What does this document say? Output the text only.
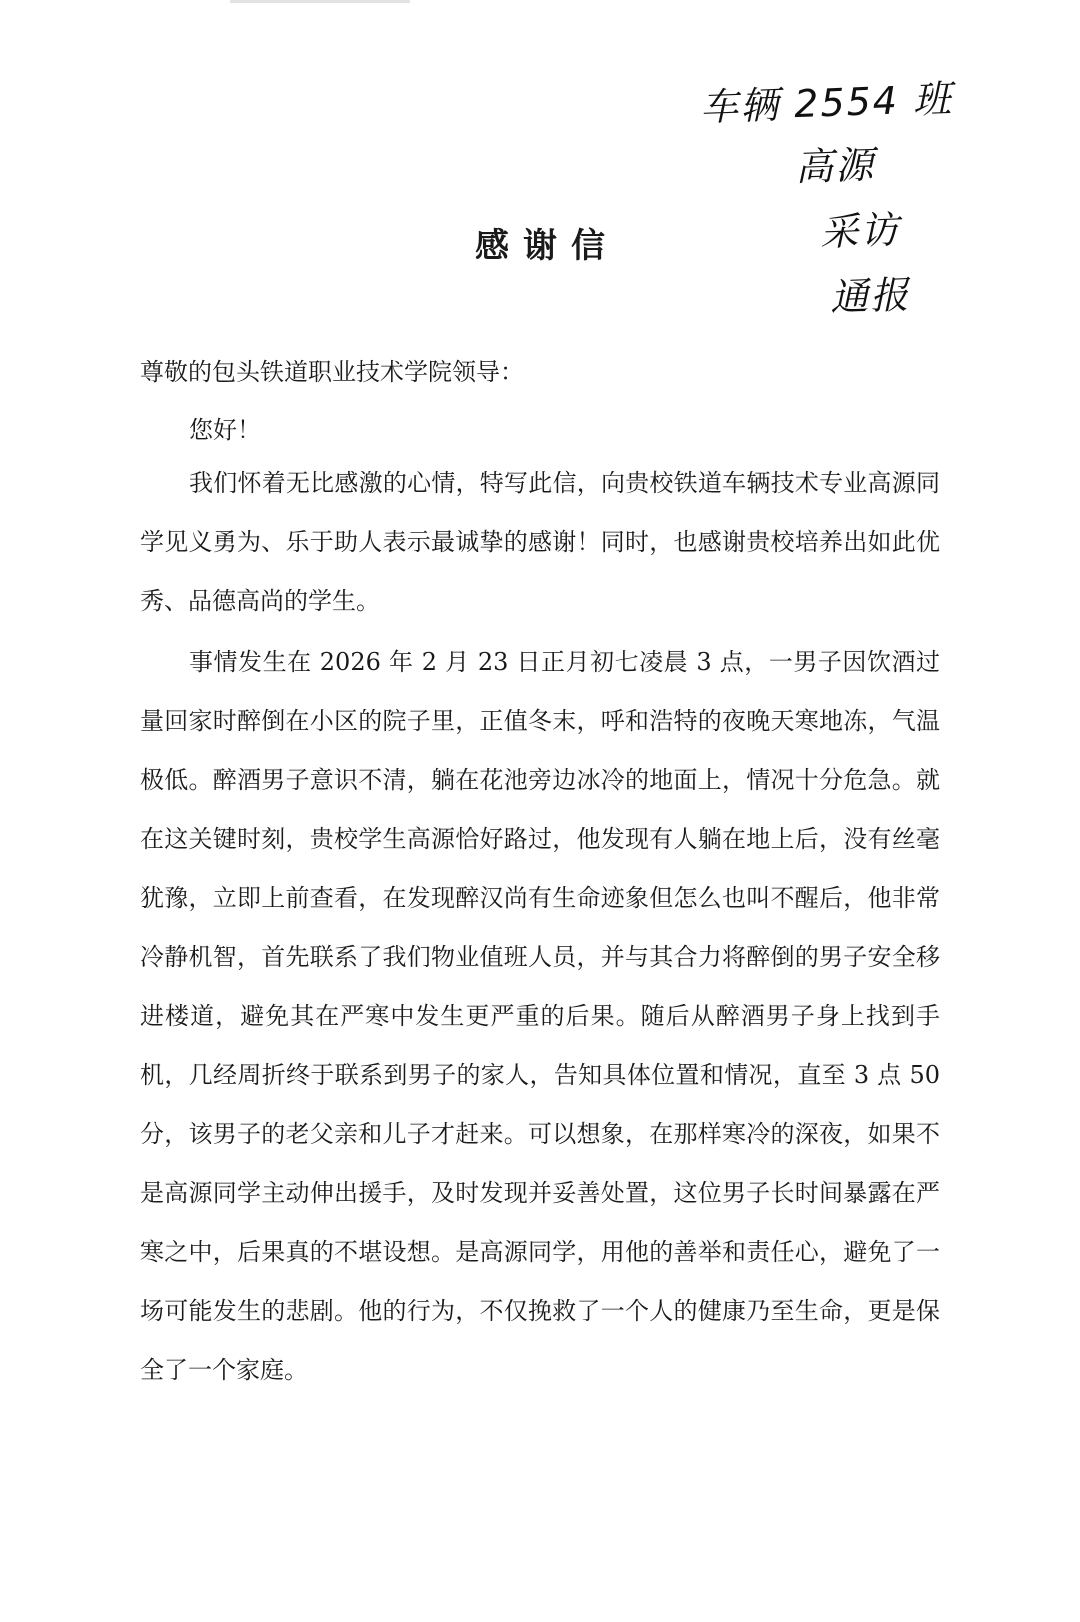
车辆 2554 班
高源
采访
通报
感谢信
尊敬的包头铁道职业技术学院领导：
您好！

我们怀着无比感激的心情，特写此信，向贵校铁道车辆技术专业高源同学见义勇为、乐于助人表示最诚挚的感谢！同时，也感谢贵校培养出如此优秀、品德高尚的学生。

事情发生在 2026 年 2 月 23 日正月初七凌晨 3 点，一男子因饮酒过量回家时醉倒在小区的院子里，正值冬末，呼和浩特的夜晚天寒地冻，气温极低。醉酒男子意识不清，躺在花池旁边冰冷的地面上，情况十分危急。就在这关键时刻，贵校学生高源恰好路过，他发现有人躺在地上后，没有丝毫犹豫，立即上前查看，在发现醉汉尚有生命迹象但怎么也叫不醒后，他非常冷静机智，首先联系了我们物业值班人员，并与其合力将醉倒的男子安全移进楼道，避免其在严寒中发生更严重的后果。随后从醉酒男子身上找到手机，几经周折终于联系到男子的家人，告知具体位置和情况，直至 3 点 50 分，该男子的老父亲和儿子才赶来。可以想象，在那样寒冷的深夜，如果不是高源同学主动伸出援手，及时发现并妥善处置，这位男子长时间暴露在严寒之中，后果真的不堪设想。是高源同学，用他的善举和责任心，避免了一场可能发生的悲剧。他的行为，不仅挽救了一个人的健康乃至生命，更是保全了一个家庭。
